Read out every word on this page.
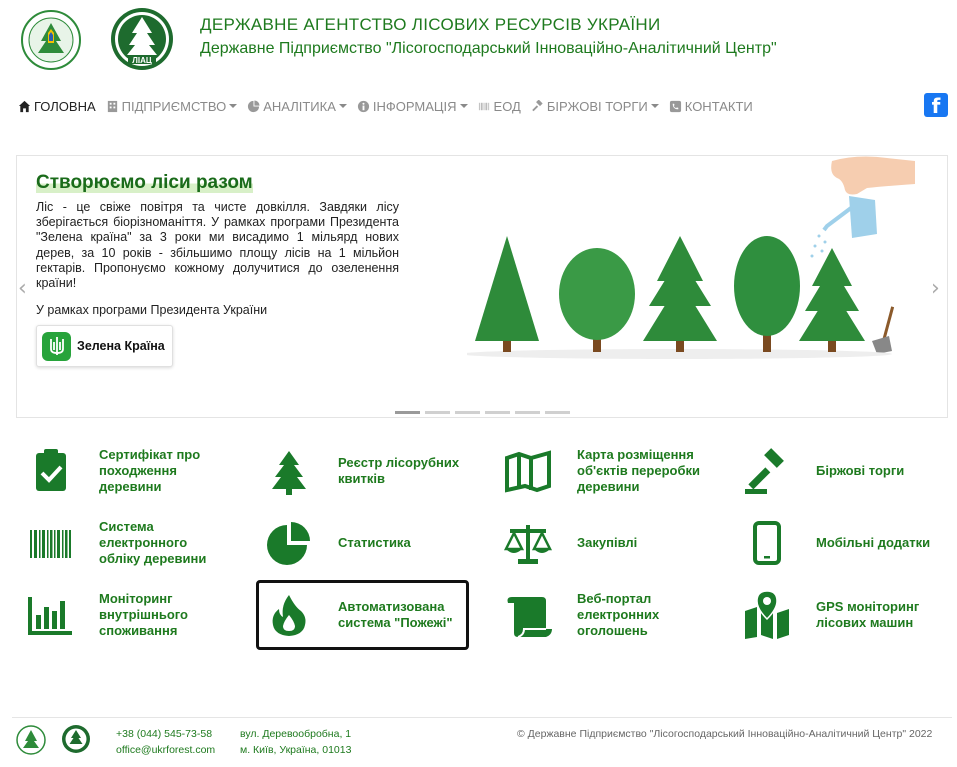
ЛІАЦ
ДЕРЖАВНЕ АГЕНТСТВО ЛІСОВИХ РЕСУРСІВ УКРАЇНИ
Державне Підприємство "Лісогосподарський Інноваційно-Аналітичний Центр"
ГОЛОВНА ПІДПРИЄМСТВО	АНАЛІТИКА	ІНФОРМАЦІЯ	ЕОД БІРЖОВІ ТОРГИ	КОНТАКТИ	f
Створюємо ліси разом
Ліс - це свіже повітря та чисте довкілля. Завдяки лісу зберігається біорізноманіття. У рамках програми Президента "Зелена країна" за 3 роки ми висадимо 1 мільярд нових дерев, за 10 років - збільшимо площу лісів на 1 мільйон гектарів. Пропонуємо кожному долучитися до озеленення країни!
У рамках програми Президента України
Зелена Країна
‹	›
Сертифікат про походження деревини
Реєстр лісорубних квитків
Карта розміщення об'єктів переробки деревини
Біржові торги
Система електронного обліку деревини
Статистика	Закупівлі	Мобільні додатки
Моніторинг внутрішнього споживання
Автоматизована система "Пожежі"
Веб-портал електронних оголошень
GPS моніторинг лісових машин
+38 (044) 545-73-58
office@ukrforest.com
вул. Деревообробна, 1
м. Київ, Україна, 01013
© Державне Підприємство "Лісогосподарський Інноваційно-Аналітичний Центр" 2022
